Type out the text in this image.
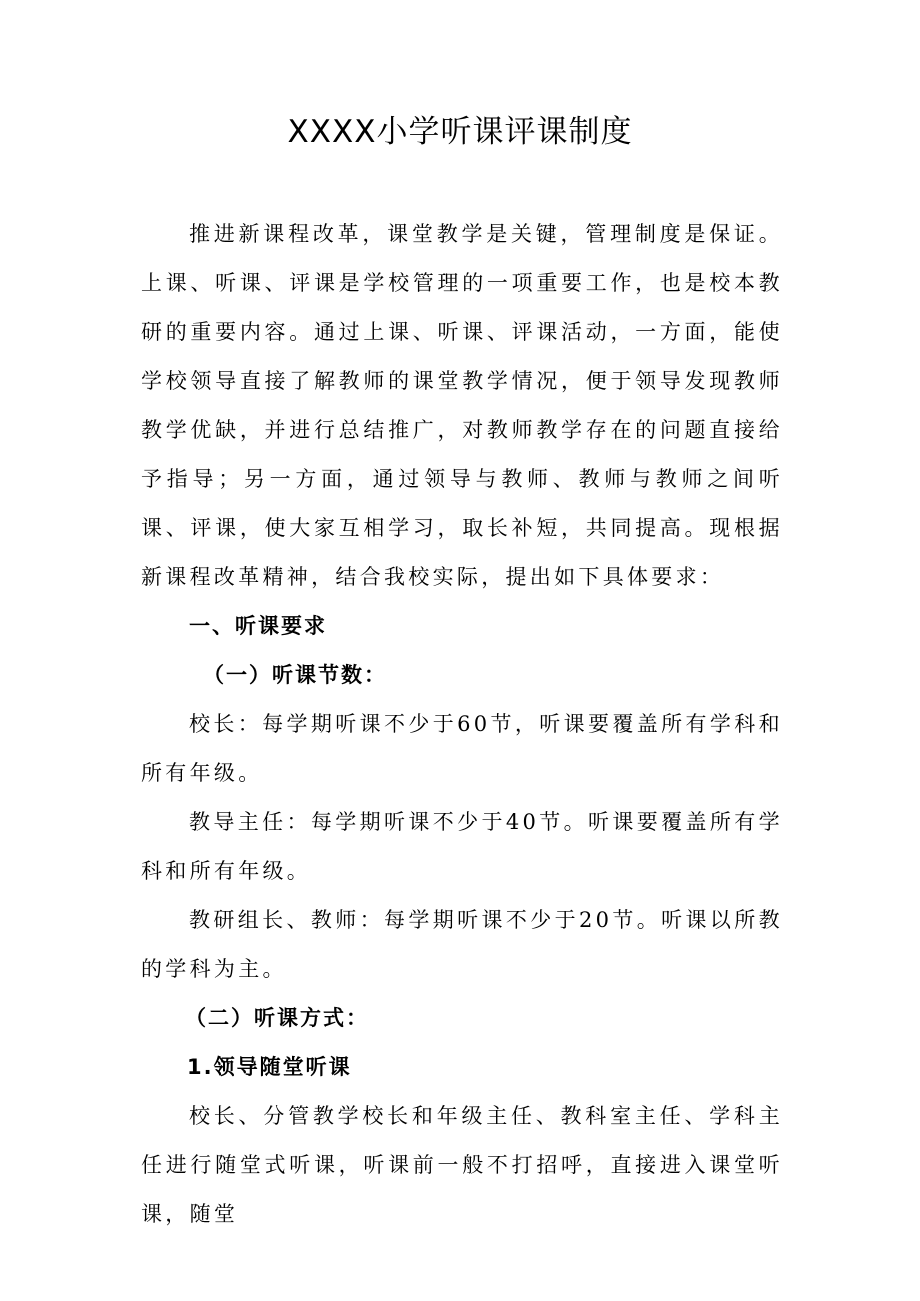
XXXX小学听课评课制度

推进新课程改革，课堂教学是关键，管理制度是保证。上课、听课、评课是学校管理的一项重要工作，也是校本教研的重要内容。通过上课、听课、评课活动，一方面，能使学校领导直接了解教师的课堂教学情况，便于领导发现教师教学优缺，并进行总结推广，对教师教学存在的问题直接给予指导；另一方面，通过领导与教师、教师与教师之间听课、评课，使大家互相学习，取长补短，共同提高。现根据新课程改革精神，结合我校实际，提出如下具体要求：

一、听课要求

（一）听课节数：

校长：每学期听课不少于60节，听课要覆盖所有学科和所有年级。

教导主任：每学期听课不少于40节。听课要覆盖所有学科和所有年级。

教研组长、教师：每学期听课不少于20节。听课以所教的学科为主。

（二）听课方式：

1.领导随堂听课

校长、分管教学校长和年级主任、教科室主任、学科主任进行随堂式听课，听课前一般不打招呼，直接进入课堂听课，随堂
